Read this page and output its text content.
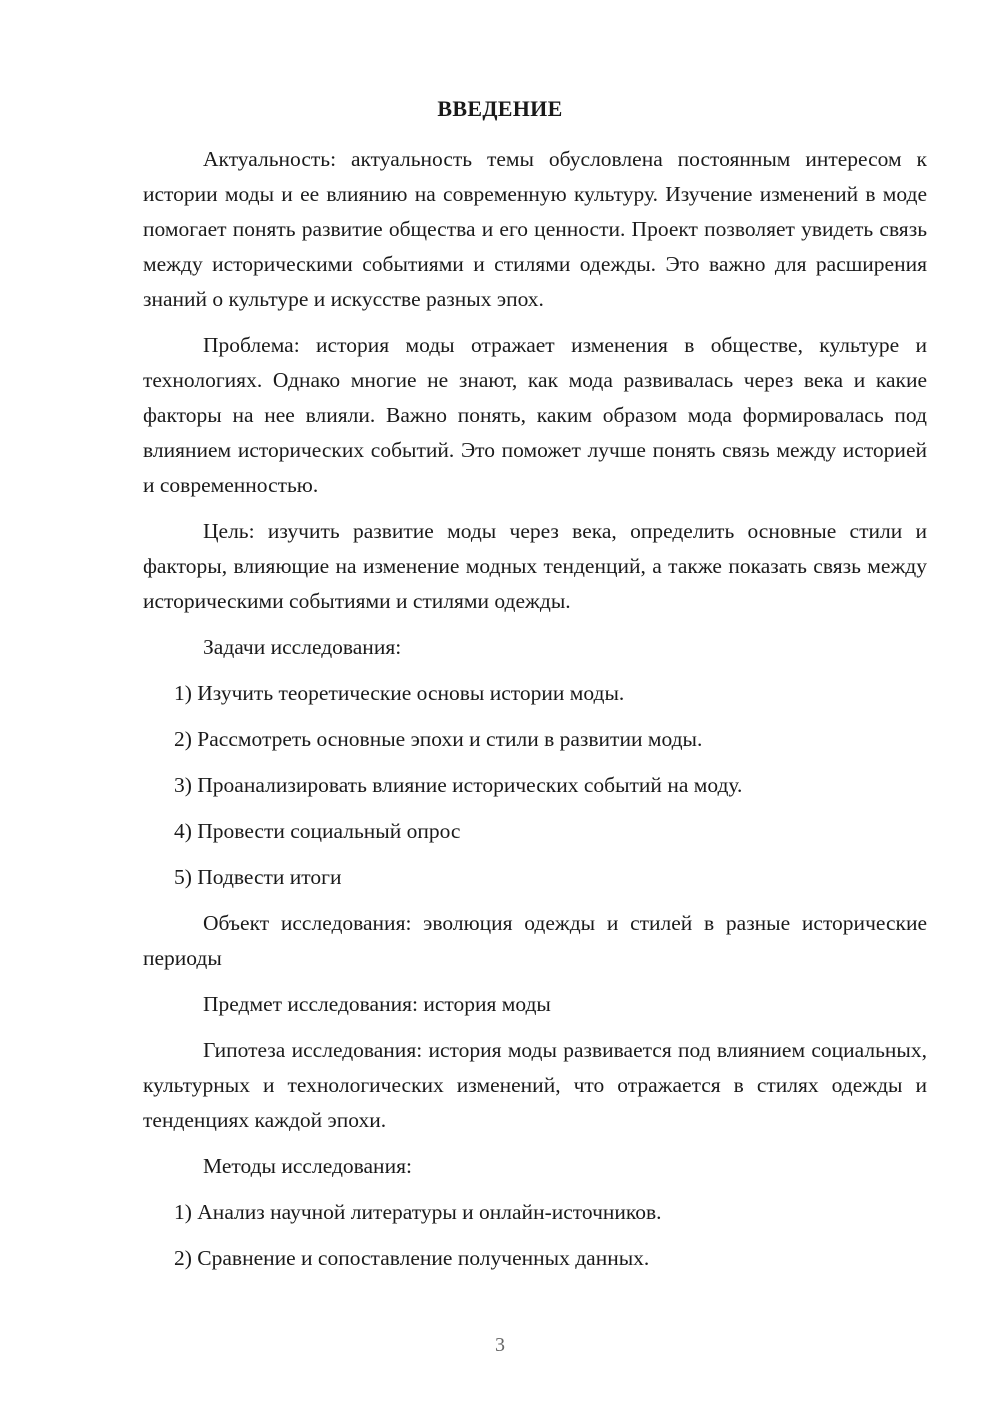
ВВЕДЕНИЕ

Актуальность: актуальность темы обусловлена постоянным интересом к истории моды и ее влиянию на современную культуру. Изучение изменений в моде помогает понять развитие общества и его ценности. Проект позволяет увидеть связь между историческими событиями и стилями одежды. Это важно для расширения знаний о культуре и искусстве разных эпох.

Проблема: история моды отражает изменения в обществе, культуре и технологиях. Однако многие не знают, как мода развивалась через века и какие факторы на нее влияли. Важно понять, каким образом мода формировалась под влиянием исторических событий. Это поможет лучше понять связь между историей и современностью.

Цель: изучить развитие моды через века, определить основные стили и факторы, влияющие на изменение модных тенденций, а также показать связь между историческими событиями и стилями одежды.

Задачи исследования:

1) Изучить теоретические основы истории моды.

2) Рассмотреть основные эпохи и стили в развитии моды.

3) Проанализировать влияние исторических событий на моду.

4) Провести социальный опрос

5) Подвести итоги

Объект исследования: эволюция одежды и стилей в разные исторические периоды

Предмет исследования: история моды

Гипотеза исследования: история моды развивается под влиянием социальных, культурных и технологических изменений, что отражается в стилях одежды и тенденциях каждой эпохи.

Методы исследования:

1) Анализ научной литературы и онлайн-источников.

2) Сравнение и сопоставление полученных данных.

3
